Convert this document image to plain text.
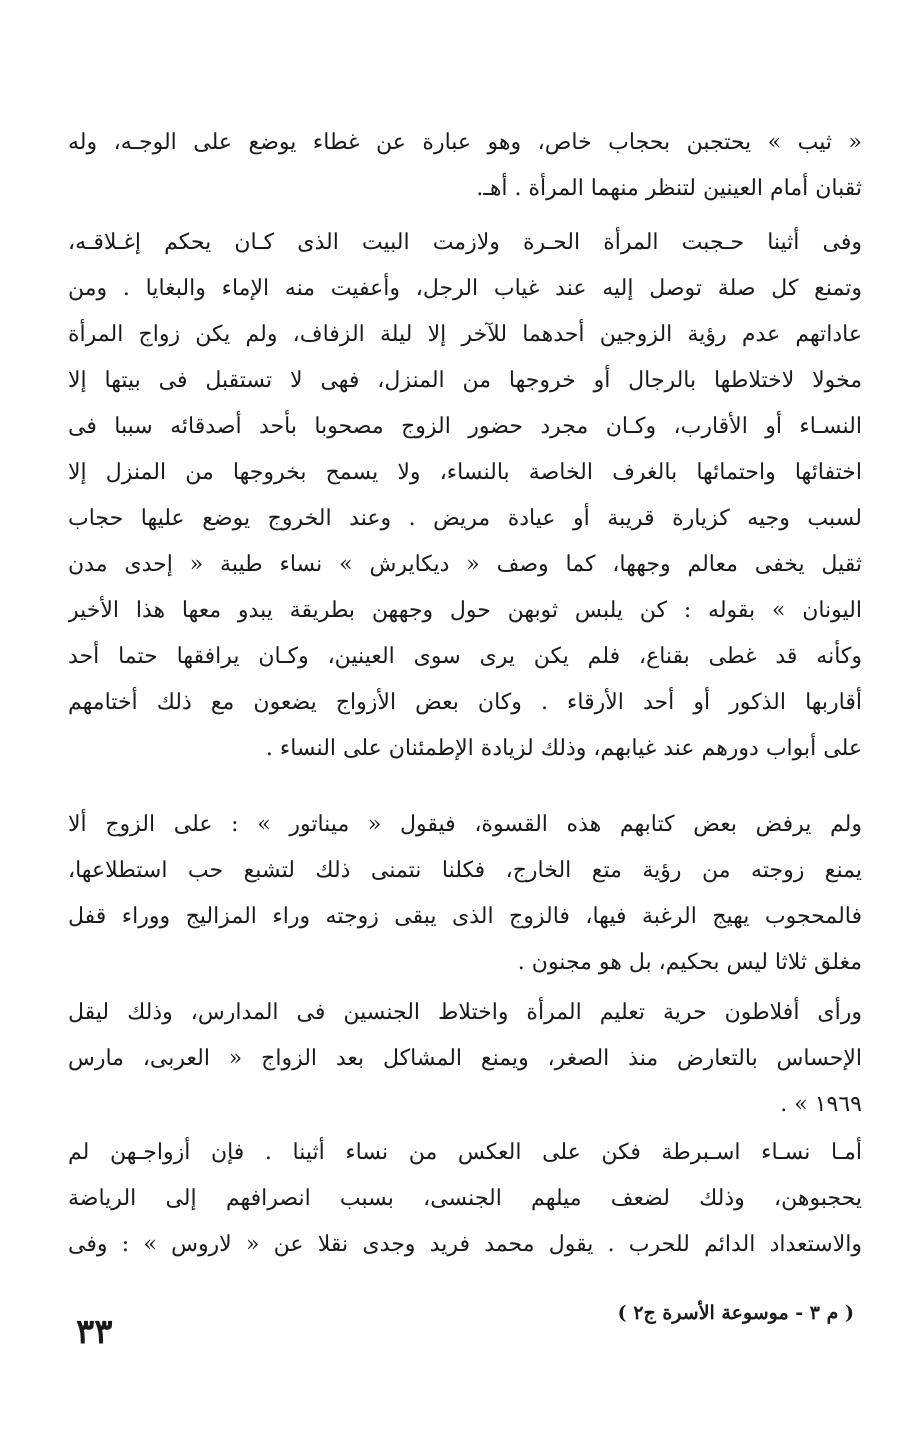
« ثيب » يحتجبن بحجاب خاص، وهو عبارة عن غطاء يوضع على الوجـه، وله
ثقبان أمام العينين لتنظر منهما المرأة . أهـ.
وفى أثينا حـجبت المرأة الحـرة ولازمت البيت الذى كـان يحكم إغـلاقـه،
وتمنع كل صلة توصل إليه عند غياب الرجل، وأعفيت منه الإماء والبغايا . ومن
عاداتهم عدم رؤية الزوجين أحدهما للآخر إلا ليلة الزفاف، ولم يكن زواج المرأة
مخولا لاختلاطها بالرجال أو خروجها من المنزل، فهى لا تستقبل فى بيتها إلا
النسـاء أو الأقارب، وكـان مجرد حضور الزوج مصحوبا بأحد أصدقائه سببا فى
اختفائها واحتمائها بالغرف الخاصة بالنساء، ولا يسمح بخروجها من المنزل إلا
لسبب وجيه كزيارة قريبة أو عيادة مريض . وعند الخروج يوضع عليها حجاب
ثقيل يخفى معالم وجهها، كما وصف « ديكايرش » نساء طيبة « إحدى مدن
اليونان » بقوله : كن يلبس ثوبهن حول وجههن بطريقة يبدو معها هذا الأخير
وكأنه قد غطى بقناع، فلم يكن يرى سوى العينين، وكـان يرافقها حتما أحد
أقاربها الذكور أو أحد الأرقاء . وكان بعض الأزواج يضعون مع ذلك أختامهم
على أبواب دورهم عند غيابهم، وذلك لزيادة الإطمئنان على النساء .
ولم يرفض بعض كتابهم هذه القسوة، فيقول « ميناتور » : على الزوج ألا
يمنع زوجته من رؤية متع الخارج، فكلنا نتمنى ذلك لتشبع حب استطلاعها،
فالمحجوب يهيج الرغبة فيها، فالزوج الذى يبقى زوجته وراء المزاليج ووراء قفل
مغلق ثلاثا ليس بحكيم، بل هو مجنون .
ورأى أفلاطون حرية تعليم المرأة واختلاط الجنسين فى المدارس، وذلك ليقل
الإحساس بالتعارض منذ الصغر، ويمنع المشاكل بعد الزواج « العربى، مارس
١٩٦٩ » .
أمـا نسـاء اسـبرطة فكن على العكس من نساء أثينا . فإن أزواجـهن لم
يحجبوهن، وذلك لضعف ميلهم الجنسى، بسبب انصرافهم إلى الرياضة
والاستعداد الدائم للحرب . يقول محمد فريد وجدى نقلا عن « لاروس » : وفى
( م ٣ - موسوعة الأسرة ج٢ )
٣٣
